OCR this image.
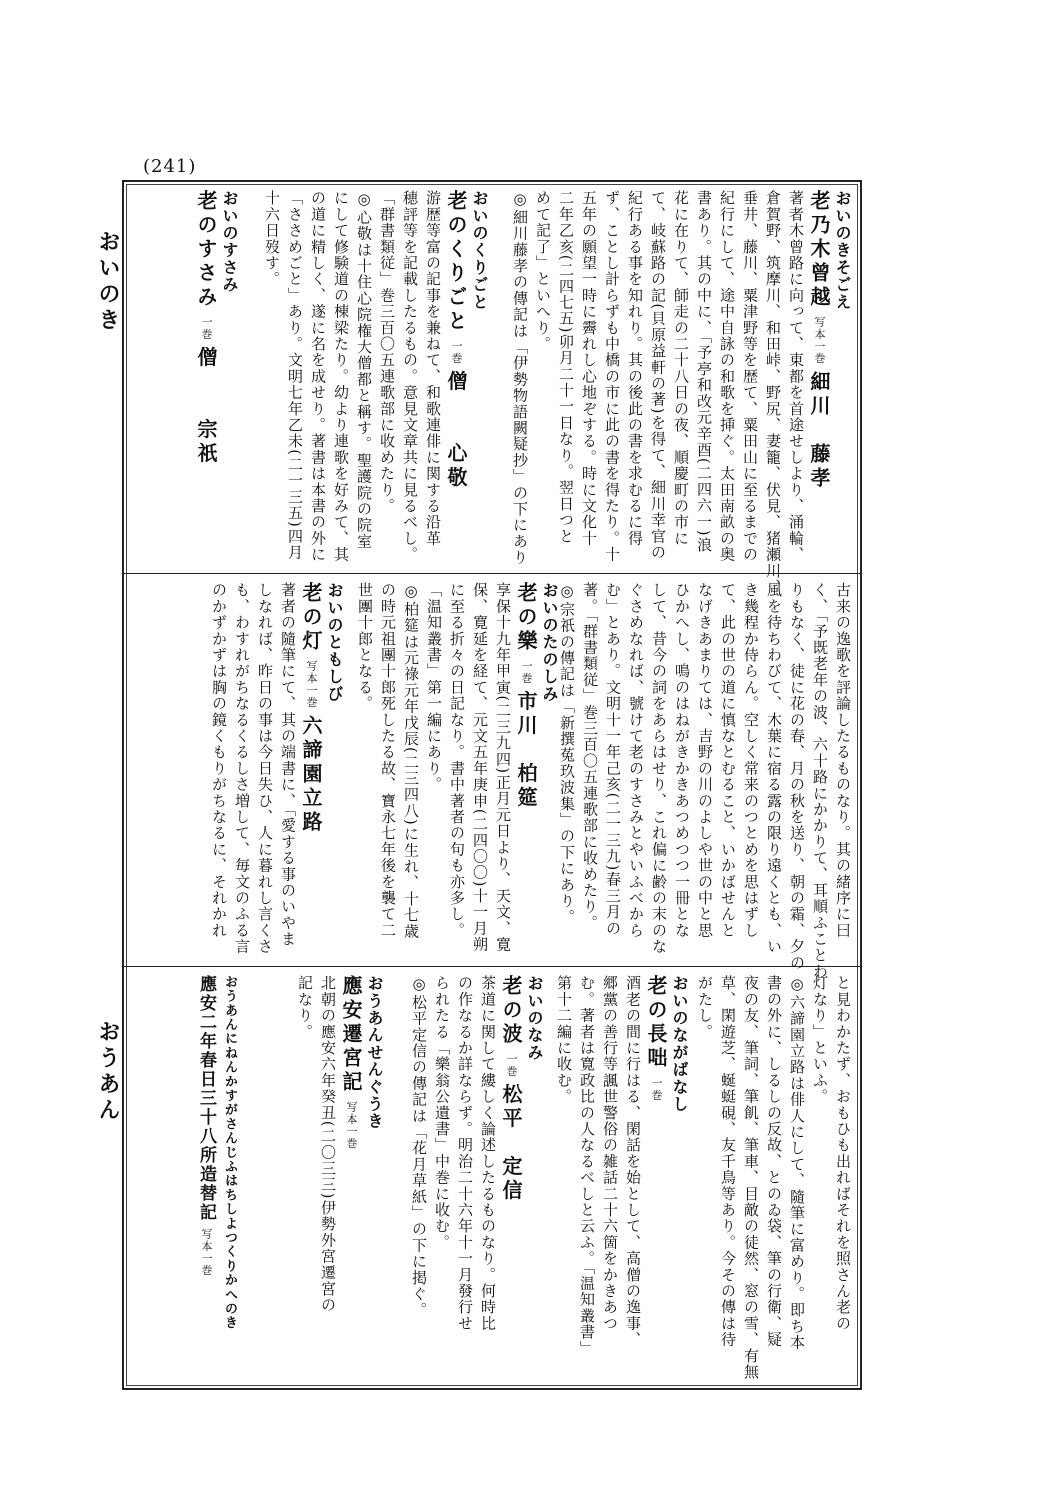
(241)
おいのき
おうあん
おいのきそごえ
老乃木曾越 写本一巻 細川　藤孝
著者木曾路に向って、東都を首途せしより、涌輪、
倉賀野、筑摩川、和田峠、野尻、妻籠、伏見、猪瀬川、
垂井、藤川、粟津野等を歴て、粟田山に至るまでの
紀行にして、途中自詠の和歌を挿ぐ。太田南畝の奥
書あり。其の中に、「予亭和改元辛酉(二四六一)浪
花に在りて、師走の二十八日の夜、順慶町の市に
て、岐蘇路の記(貝原益軒の著)を得て、細川幸官の
紀行ある事を知れり。其の後此の書を求むるに得
ず、ことし計らずも中橋の市に此の書を得たり。十
五年の願望一時に霽れし心地ぞする。時に文化十
二年乙亥(二四七五)卯月二十一日なり。翌日つと
めて記了」といへり。
◎細川藤孝の傳記は「伊勢物語闕疑抄」の下にあり
おいのくりごと
老のくりごと 一巻 僧　　心敬
游歴等富の記事を兼ねて、和歌連俳に関する沿革
穂評等を記載したるもの。意見文章共に見るべし。
「群書類従」巻三百〇五連歌部に收めたり。
◎心敬は十住心院権大僧都と稱す。聖護院の院室
にして修験道の棟梁たり。幼より連歌を好みて、其
の道に精しく、遂に名を成せり。著書は本書の外に
「ささめごと」あり。文明七年乙未(二一三五)四月
十六日歿す。
おいのすさみ
老のすさみ 一巻 僧　　宗祇
古来の逸歌を評論したるものなり。其の緒序に曰
く、「予既老年の波、六十路にかかりて、耳順ふことわ
りもなく、徒に花の春、月の秋を送り、朝の霜、夕の
風を待ちわびて、木葉に宿る露の限り遠くとも、い
き幾程か侍らん。空しく常来のつとめを思はずし
て、此の世の道に慎なとむること、いかばせんと
なげきあまりては、吉野の川のよしや世の中と思
ひかへし、鳴のはねがきかきあつめつつ一冊とな
して、昔今の詞をあらはせり、これ偏に齢の末のな
ぐさめなれば、號けて老のすさみとやいふべから
む」とあり。文明十一年己亥(二一三九)春三月の
著。「群書類従」巻三百〇五連歌部に收めたり。
◎宗祇の傳記は「新撰菟玖波集」の下にあり。
おいのたのしみ
老の樂 一巻 市川　柏筵
享保十九年甲寅(二三九四)正月元日より、天文、寛
保、寛延を経て、元文五年庚申(二四〇〇)十一月朔
に至る折々の日記なり。書中著者の句も亦多し。
「温知叢書」第一編にあり。
◎柏筵は元祿元年戊辰(二三四八)に生れ、十七歳
の時元祖團十郎死したる故、寶永七年後を襲て二
世團十郎となる。
おいのともしび
老の灯 写本一巻 六諦園立路
著者の隨筆にて、其の端書に、「愛する事のいやま
しなれば、昨日の事は今日失ひ、人に暮れし言くさ
も、わすれがちなるくるしさ増して、毎文のふる言
のかずかずは胸の鏡くもりがちなるに、それかれ
と見わかたず、おもひも出ればそれを照さん老の
灯なり」といふ。
◎六諦園立路は俳人にして、隨筆に富めり。即ち本
書の外に、しるしの反故、とのゐ袋、筆の行衛、疑
夜の友、筆詞、筆飢、筆車、目敵の徒然、窓の雪、有無
草、閑遊芝、蜒蜓硯、友千鳥等あり。今その傳は待
がたし。
おいのながばなし
老の長咄 一巻
酒老の間に行はる、閑話を始として、高僧の逸事、
郷黨の善行等諷世警俗の雑話二十六箇をかきあつ
む。著者は寛政比の人なるべしと云ふ。「温知叢書」
第十二編に收む。
おいのなみ
老の波 一巻 松平　定信
茶道に関して縷しく論述したるものなり。何時比
の作なるか詳ならず。明治二十六年十一月發行せ
られたる「樂翁公遺書」中巻に收む。
◎松平定信の傳記は「花月草紙」の下に掲ぐ。
おうあんせんぐうき
應安遷宮記 写本一巻
北朝の應安六年癸丑(二〇三三)伊勢外宮遷宮の
記なり。
おうあんにねんかすがさんじふはちしよつくりかへのき
應安二年春日三十八所造替記 写本一巻
